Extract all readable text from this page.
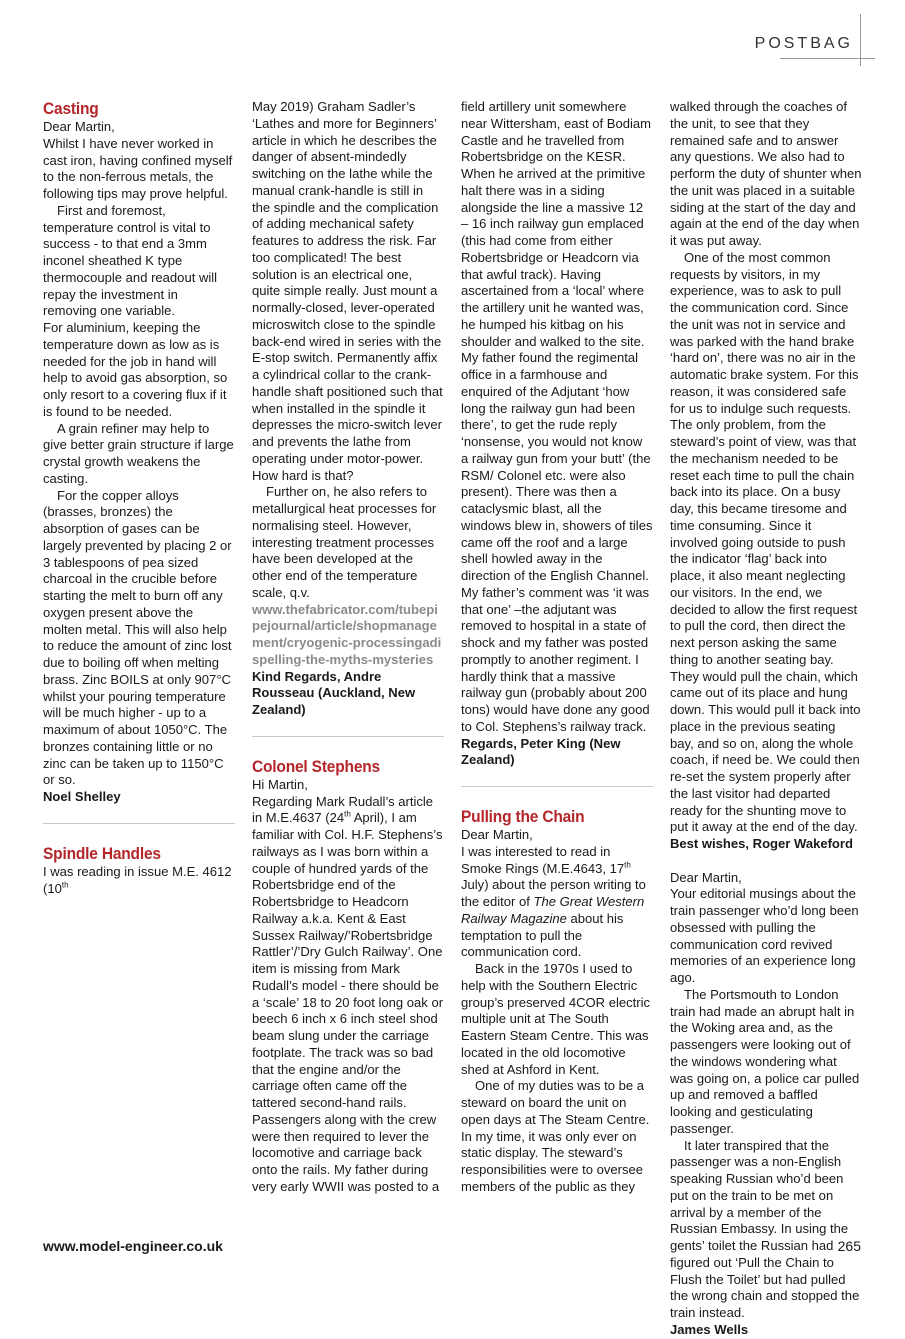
POSTBAG
Casting

Dear Martin,

Whilst I have never worked in cast iron, having confined myself to the non-ferrous metals, the following tips may prove helpful.

First and foremost, temperature control is vital to success - to that end a 3mm inconel sheathed K type thermocouple and readout will repay the investment in removing one variable.

For aluminium, keeping the temperature down as low as is needed for the job in hand will help to avoid gas absorption, so only resort to a covering flux if it is found to be needed.

A grain refiner may help to give better grain structure if large crystal growth weakens the casting.

For the copper alloys (brasses, bronzes) the absorption of gases can be largely prevented by placing 2 or 3 tablespoons of pea sized charcoal in the crucible before starting the melt to burn off any oxygen present above the molten metal. This will also help to reduce the amount of zinc lost due to boiling off when melting brass. Zinc BOILS at only 907°C whilst your pouring temperature will be much higher - up to a maximum of about 1050°C. The bronzes containing little or no zinc can be taken up to 1150°C or so.

Noel Shelley

Spindle Handles

I was reading in issue M.E. 4612 (10th

May 2019) Graham Sadler’s ‘Lathes and more for Beginners’ article in which he describes the danger of absent-mindedly switching on the lathe while the manual crank-handle is still in the spindle and the complication of adding mechanical safety features to address the risk. Far too complicated! The best solution is an electrical one, quite simple really. Just mount a normally-closed, lever-operated microswitch close to the spindle back-end wired in series with the E-stop switch. Permanently affix a cylindrical collar to the crank-handle shaft positioned such that when installed in the spindle it depresses the micro-switch lever and prevents the lathe from operating under motor-power. How hard is that?

Further on, he also refers to metallurgical heat processes for normalising steel. However, interesting treatment processes have been developed at the other end of the temperature scale, q.v.

www.thefabricator.com/tubepipejournal/article/shopmanagement/cryogenic-processingadispelling-the-myths-mysteries

Kind Regards, Andre Rousseau (Auckland, New Zealand)

Colonel Stephens

Hi Martin,

Regarding Mark Rudall’s article in M.E.4637 (24th April), I am familiar with Col. H.F. Stephens’s railways as I was born within a couple of hundred yards of the Robertsbridge end of the Robertsbridge to Headcorn Railway a.k.a. Kent & East Sussex Railway/’Robertsbridge Rattler’/’Dry Gulch Railway’. One item is missing from Mark Rudall’s model - there should be a ‘scale’ 18 to 20 foot long oak or beech 6 inch x 6 inch steel shod beam slung under the carriage footplate. The track was so bad that the engine and/or the carriage often came off the tattered second-hand rails. Passengers along with the crew were then required to lever the locomotive and carriage back onto the rails. My father during very early WWII was posted to a

field artillery unit somewhere near Wittersham, east of Bodiam Castle and he travelled from Robertsbridge on the KESR. When he arrived at the primitive halt there was in a siding alongside the line a massive 12 – 16 inch railway gun emplaced (this had come from either Robertsbridge or Headcorn via that awful track). Having ascertained from a ‘local’ where the artillery unit he wanted was, he humped his kitbag on his shoulder and walked to the site. My father found the regimental office in a farmhouse and enquired of the Adjutant ‘how long the railway gun had been there’, to get the rude reply ‘nonsense, you would not know a railway gun from your butt’ (the RSM/ Colonel etc. were also present). There was then a cataclysmic blast, all the windows blew in, showers of tiles came off the roof and a large shell howled away in the direction of the English Channel. My father’s comment was ‘it was that one’ –the adjutant was removed to hospital in a state of shock and my father was posted promptly to another regiment. I hardly think that a massive railway gun (probably about 200 tons) would have done any good to Col. Stephens’s railway track.

Regards, Peter King (New Zealand)

Pulling the Chain

Dear Martin,

I was interested to read in Smoke Rings (M.E.4643, 17th July) about the person writing to the editor of The Great Western Railway Magazine about his temptation to pull the communication cord.

Back in the 1970s I used to help with the Southern Electric group’s preserved 4COR electric multiple unit at The South Eastern Steam Centre. This was located in the old locomotive shed at Ashford in Kent.

One of my duties was to be a steward on board the unit on open days at The Steam Centre. In my time, it was only ever on static display. The steward’s responsibilities were to oversee members of the public as they

walked through the coaches of the unit, to see that they remained safe and to answer any questions. We also had to perform the duty of shunter when the unit was placed in a suitable siding at the start of the day and again at the end of the day when it was put away.

One of the most common requests by visitors, in my experience, was to ask to pull the communication cord. Since the unit was not in service and was parked with the hand brake ‘hard on’, there was no air in the automatic brake system. For this reason, it was considered safe for us to indulge such requests. The only problem, from the steward’s point of view, was that the mechanism needed to be reset each time to pull the chain back into its place. On a busy day, this became tiresome and time consuming. Since it involved going outside to push the indicator ‘flag’ back into place, it also meant neglecting our visitors. In the end, we decided to allow the first request to pull the cord, then direct the next person asking the same thing to another seating bay. They would pull the chain, which came out of its place and hung down. This would pull it back into place in the previous seating bay, and so on, along the whole coach, if need be. We could then re-set the system properly after the last visitor had departed ready for the shunting move to put it away at the end of the day.

Best wishes, Roger Wakeford

Dear Martin,

Your editorial musings about the train passenger who’d long been obsessed with pulling the communication cord revived memories of an experience long ago.

The Portsmouth to London train had made an abrupt halt in the Woking area and, as the passengers were looking out of the windows wondering what was going on, a police car pulled up and removed a baffled looking and gesticulating passenger.

It later transpired that the passenger was a non-English speaking Russian who’d been put on the train to be met on arrival by a member of the Russian Embassy. In using the gents’ toilet the Russian had figured out ‘Pull the Chain to Flush the Toilet’ but had pulled the wrong chain and stopped the train instead.

James Wells

www.model-engineer.co.uk	265
